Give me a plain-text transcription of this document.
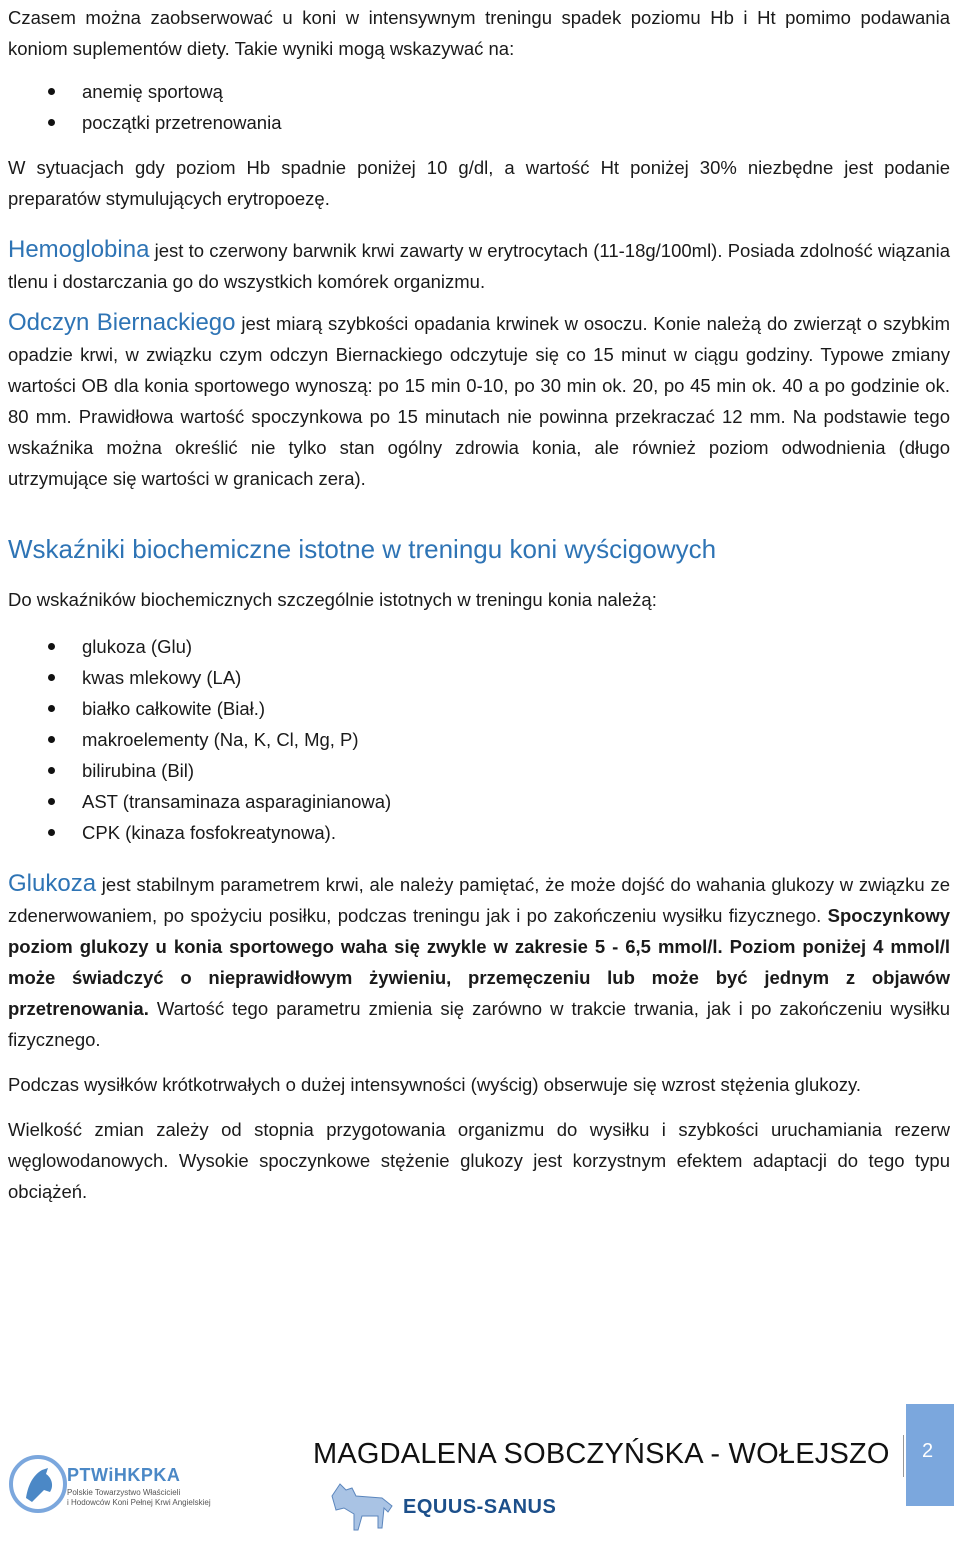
Czasem można zaobserwować u koni w intensywnym treningu spadek poziomu Hb i Ht pomimo podawania koniom suplementów diety. Takie wyniki mogą wskazywać na:

anemię sportową
początki przetrenowania

W sytuacjach gdy poziom Hb spadnie poniżej 10 g/dl, a wartość Ht poniżej 30% niezbędne jest podanie preparatów stymulujących erytropoezę.

Hemoglobina jest to czerwony barwnik krwi zawarty w erytrocytach (11-18g/100ml). Posiada zdolność wiązania tlenu i dostarczania go do wszystkich komórek organizmu.

Odczyn Biernackiego jest miarą szybkości opadania krwinek w osoczu. Konie należą do zwierząt o szybkim opadzie krwi, w związku czym odczyn Biernackiego odczytuje się co 15 minut w ciągu godziny. Typowe zmiany wartości OB dla konia sportowego wynoszą: po 15 min 0-10, po 30 min ok. 20, po 45 min ok. 40 a po godzinie ok. 80 mm. Prawidłowa wartość spoczynkowa po 15 minutach nie powinna przekraczać 12 mm. Na podstawie tego wskaźnika można określić nie tylko stan ogólny zdrowia konia, ale również poziom odwodnienia (długo utrzymujące się wartości w granicach zera).

Wskaźniki biochemiczne istotne w treningu koni wyścigowych

Do wskaźników biochemicznych szczególnie istotnych w treningu konia należą:

glukoza (Glu)
kwas mlekowy (LA)
białko całkowite (Biał.)
makroelementy (Na, K, Cl, Mg, P)
bilirubina (Bil)
AST (transaminaza asparaginianowa)
CPK (kinaza fosfokreatynowa).

Glukoza jest stabilnym parametrem krwi, ale należy pamiętać, że może dojść do wahania glukozy w związku ze zdenerwowaniem, po spożyciu posiłku, podczas treningu jak i po zakończeniu wysiłku fizycznego. Spoczynkowy poziom glukozy u konia sportowego waha się zwykle w zakresie 5 - 6,5 mmol/l. Poziom poniżej 4 mmol/l może świadczyć o nieprawidłowym żywieniu, przemęczeniu lub może być jednym z objawów przetrenowania. Wartość tego parametru zmienia się zarówno w trakcie trwania, jak i po zakończeniu wysiłku fizycznego.

Podczas wysiłków krótkotrwałych o dużej intensywności (wyścig) obserwuje się wzrost stężenia glukozy.

Wielkość zmian zależy od stopnia przygotowania organizmu do wysiłku i szybkości uruchamiania rezerw węglowodanowych. Wysokie spoczynkowe stężenie glukozy jest korzystnym efektem adaptacji do tego typu obciążeń.

PTWiHKPKA
Polskie Towarzystwo Właścicieli
i Hodowców Koni Pełnej Krwi Angielskiej	EQUUS-SANUS
MAGDALENA SOBCZYŃSKA - WOŁEJSZO 2
